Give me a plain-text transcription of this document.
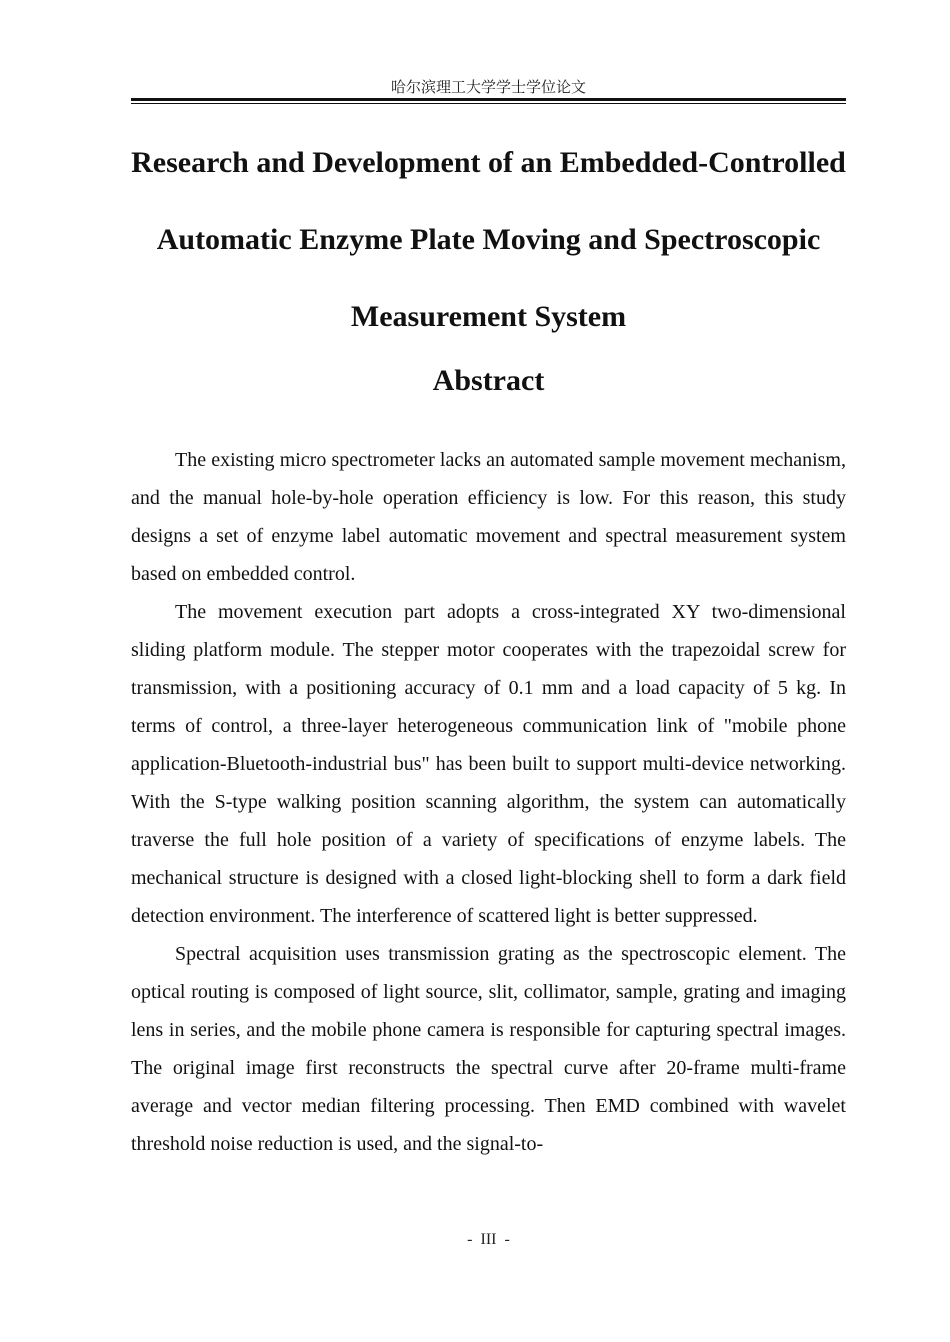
哈尔滨理工大学学士学位论文
Research and Development of an Embedded-Controlled Automatic Enzyme Plate Moving and Spectroscopic Measurement System
Abstract

The existing micro spectrometer lacks an automated sample movement mechanism, and the manual hole-by-hole operation efficiency is low. For this reason, this study designs a set of enzyme label automatic movement and spectral measurement system based on embedded control.

The movement execution part adopts a cross-integrated XY two-dimensional sliding platform module. The stepper motor cooperates with the trapezoidal screw for transmission, with a positioning accuracy of 0.1 mm and a load capacity of 5 kg. In terms of control, a three-layer heterogeneous communication link of "mobile phone application-Bluetooth-industrial bus" has been built to support multi-device networking. With the S-type walking position scanning algorithm, the system can automatically traverse the full hole position of a variety of specifications of enzyme labels. The mechanical structure is designed with a closed light-blocking shell to form a dark field detection environment. The interference of scattered light is better suppressed.

Spectral acquisition uses transmission grating as the spectroscopic element. The optical routing is composed of light source, slit, collimator, sample, grating and imaging lens in series, and the mobile phone camera is responsible for capturing spectral images. The original image first reconstructs the spectral curve after 20-frame multi-frame average and vector median filtering processing. Then EMD combined with wavelet threshold noise reduction is used, and the signal-to-

- III -
